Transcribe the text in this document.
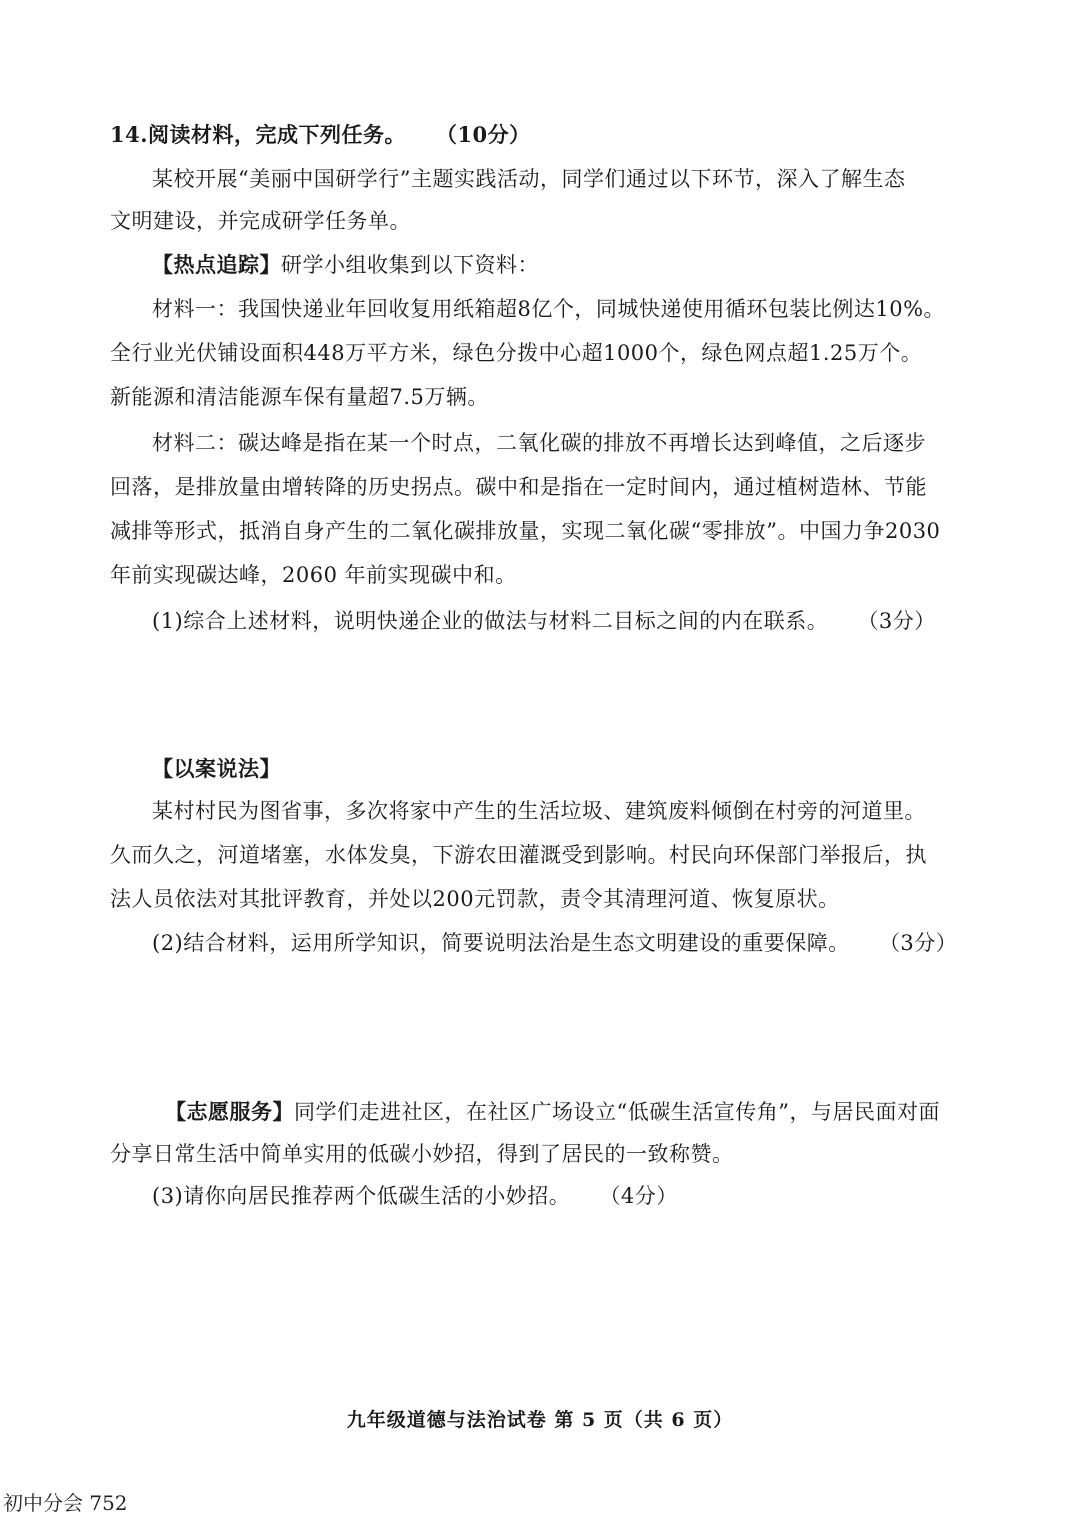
14.阅读材料，完成下列任务。 （10分）
某校开展“美丽中国研学行”主题实践活动，同学们通过以下环节，深入了解生态
文明建设，并完成研学任务单。
【热点追踪】研学小组收集到以下资料：
材料一：我国快递业年回收复用纸箱超8亿个，同城快递使用循环包装比例达10%。
全行业光伏铺设面积448万平方米，绿色分拨中心超1000个，绿色网点超1.25万个。
新能源和清洁能源车保有量超7.5万辆。
材料二：碳达峰是指在某一个时点，二氧化碳的排放不再增长达到峰值，之后逐步
回落，是排放量由增转降的历史拐点。碳中和是指在一定时间内，通过植树造林、节能
减排等形式，抵消自身产生的二氧化碳排放量，实现二氧化碳“零排放”。中国力争2030
年前实现碳达峰，2060 年前实现碳中和。
(1)综合上述材料，说明快递企业的做法与材料二目标之间的内在联系。 （3分）
【以案说法】
某村村民为图省事，多次将家中产生的生活垃圾、建筑废料倾倒在村旁的河道里。
久而久之，河道堵塞，水体发臭，下游农田灌溉受到影响。村民向环保部门举报后，执
法人员依法对其批评教育，并处以200元罚款，责令其清理河道、恢复原状。
(2)结合材料，运用所学知识，简要说明法治是生态文明建设的重要保障。 （3分）
【志愿服务】同学们走进社区，在社区广场设立“低碳生活宣传角”，与居民面对面
分享日常生活中简单实用的低碳小妙招，得到了居民的一致称赞。
(3)请你向居民推荐两个低碳生活的小妙招。 （4分）
九年级道德与法治试卷 第 5 页（共 6 页）
初中分会 752
